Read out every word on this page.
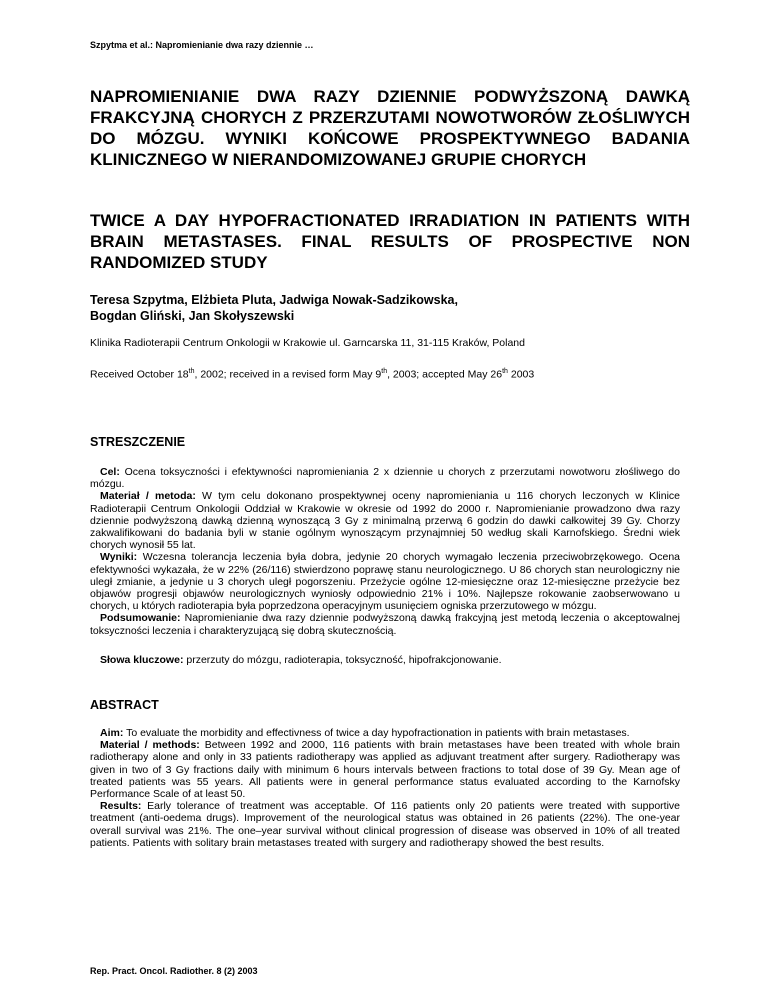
Szpytma et al.: Napromienianie dwa razy dziennie …
NAPROMIENIANIE DWA RAZY DZIENNIE PODWYŻSZONĄ DAWKĄ FRAKCYJNĄ CHORYCH Z PRZERZUTAMI NOWOTWORÓW ZŁOŚLIWYCH DO MÓZGU. WYNIKI KOŃCOWE PROSPEKTYWNEGO BADANIA KLINICZNEGO W NIERANDOMIZOWANEJ GRUPIE CHORYCH
TWICE A DAY HYPOFRACTIONATED IRRADIATION IN PATIENTS WITH BRAIN METASTASES. FINAL RESULTS OF PROSPECTIVE NON RANDOMIZED STUDY
Teresa Szpytma, Elżbieta Pluta, Jadwiga Nowak-Sadzikowska,
Bogdan Gliński, Jan Skołyszewski

Klinika Radioterapii Centrum Onkologii w Krakowie ul. Garncarska 11, 31-115 Kraków, Poland

Received October 18th, 2002; received in a revised form May 9th, 2003; accepted May 26th 2003

STRESZCZENIE

Cel: Ocena toksyczności i efektywności napromieniania 2 x dziennie u chorych z przerzutami nowotworu złośliwego do mózgu.

Materiał / metoda: W tym celu dokonano prospektywnej oceny napromieniania u 116 chorych leczonych w Klinice Radioterapii Centrum Onkologii Oddział w Krakowie w okresie od 1992 do 2000 r. Napromienianie prowadzono dwa razy dziennie podwyższoną dawką dzienną wynoszącą 3 Gy z minimalną przerwą 6 godzin do dawki całkowitej 39 Gy. Chorzy zakwalifikowani do badania byli w stanie ogólnym wynoszącym przynajmniej 50 według skali Karnofskiego. Średni wiek chorych wynosił 55 lat.

Wyniki: Wczesna tolerancja leczenia była dobra, jedynie 20 chorych wymagało leczenia przeciwobrzękowego. Ocena efektywności wykazała, że w 22% (26/116) stwierdzono poprawę stanu neurologicznego. U 86 chorych stan neurologiczny nie uległ zmianie, a jedynie u 3 chorych uległ pogorszeniu. Przeżycie ogólne 12-miesięczne oraz 12-miesięczne przeżycie bez objawów progresji objawów neurologicznych wyniosły odpowiednio 21% i 10%. Najlepsze rokowanie zaobserwowano u chorych, u których radioterapia była poprzedzona operacyjnym usunięciem ogniska przerzutowego w mózgu.

Podsumowanie: Napromienianie dwa razy dziennie podwyższoną dawką frakcyjną jest metodą leczenia o akceptowalnej toksyczności leczenia i charakteryzującą się dobrą skutecznością.

Słowa kluczowe: przerzuty do mózgu, radioterapia, toksyczność, hipofrakcjonowanie.

ABSTRACT

Aim: To evaluate the morbidity and effectivness of twice a day hypofractionation in patients with brain metastases.

Material / methods: Between 1992 and 2000, 116 patients with brain metastases have been treated with whole brain radiotherapy alone and only in 33 patients radiotherapy was applied as adjuvant treatment after surgery. Radiotherapy was given in two of 3 Gy fractions daily with minimum 6 hours intervals between fractions to total dose of 39 Gy. Mean age of treated patients was 55 years. All patients were in general performance status evaluated according to the Karnofsky Performance Scale of at least 50.

Results: Early tolerance of treatment was acceptable. Of 116 patients only 20 patients were treated with supportive treatment (anti-oedema drugs). Improvement of the neurological status was obtained in 26 patients (22%). The one-year overall survival was 21%. The one–year survival without clinical progression of disease was observed in 10% of all treated patients. Patients with solitary brain metastases treated with surgery and radiotherapy showed the best results.

Rep. Pract. Oncol. Radiother. 8 (2) 2003
